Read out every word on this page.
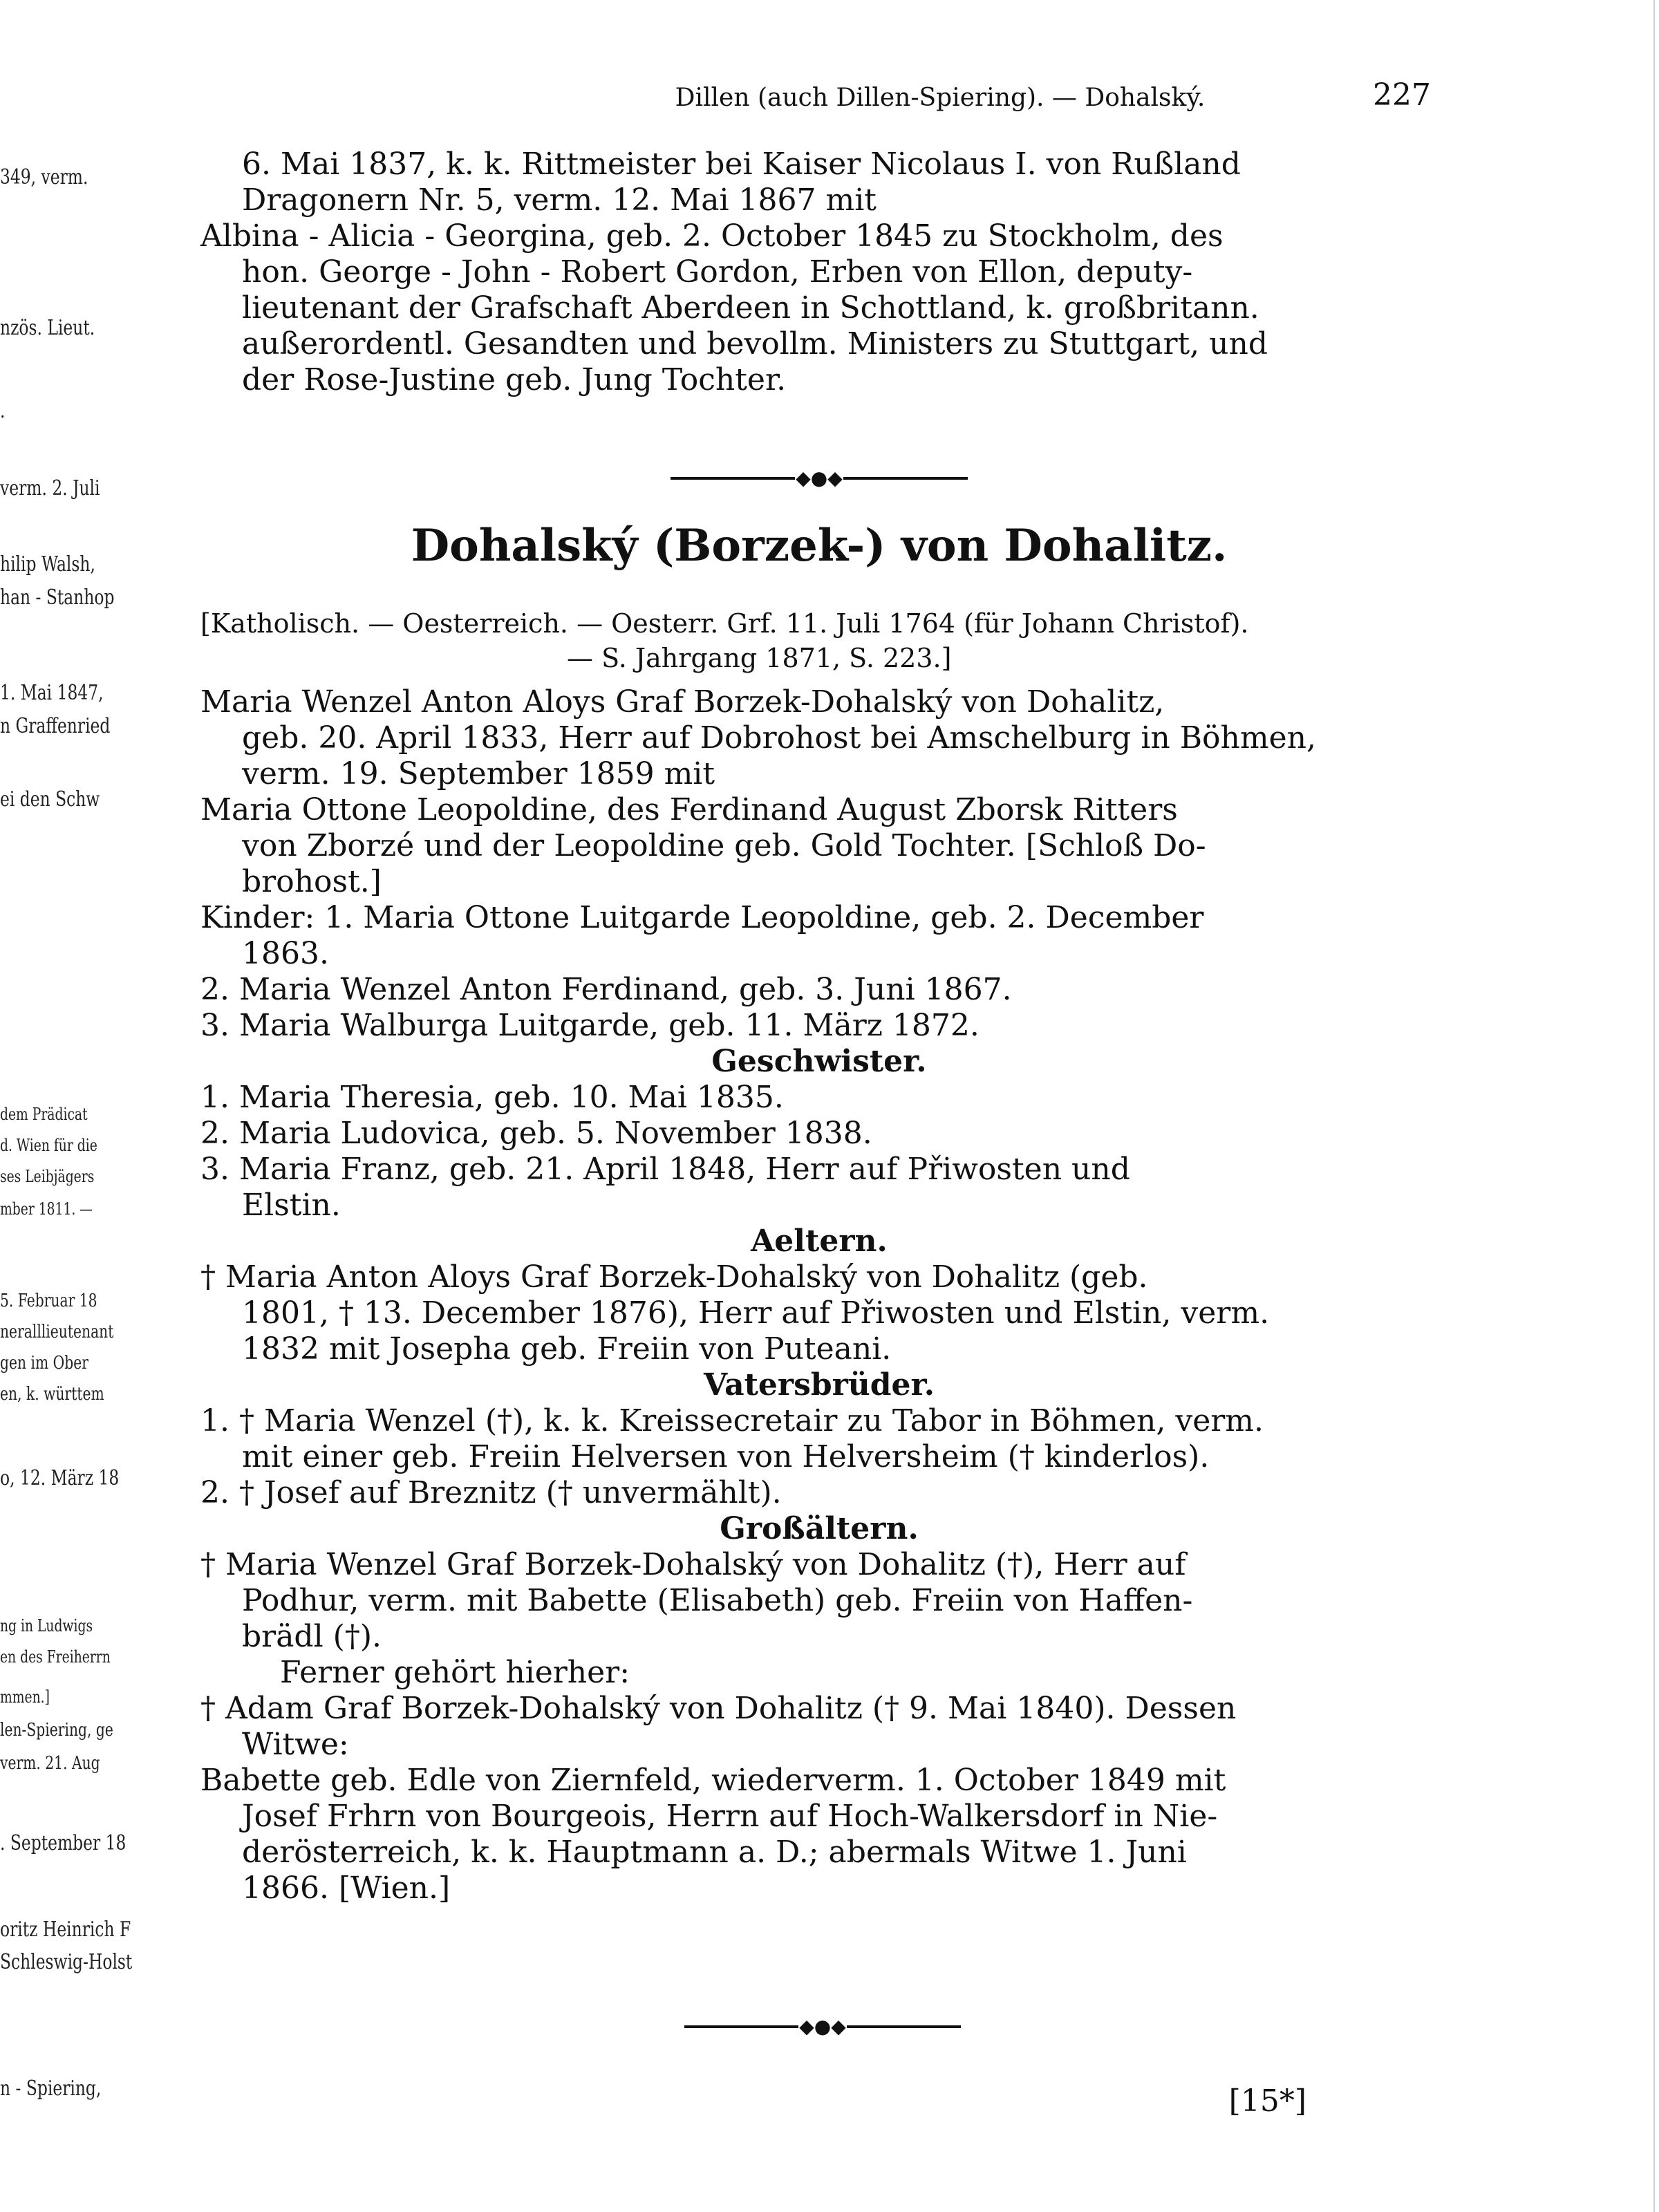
349, verm.
nzös. Lieut.
.
verm. 2. Juli
hilip Walsh,
han - Stanhop
1. Mai 1847,
n Graffenried
ei den Schw
dem Prädicat
d. Wien für die
ses Leibjägers
mber 1811. —
5. Februar 18
neralllieutenant
gen im Ober
en, k. württem
o, 12. März 18
ng in Ludwigs
en des Freiherrn
mmen.]
len-Spiering, ge
verm. 21. Aug
. September 18
oritz Heinrich F
Schleswig-Holst
n - Spiering,
Dillen (auch Dillen-Spiering). — Dohalský.	227
6. Mai 1837, k. k. Rittmeister bei Kaiser Nicolaus I. von Rußland
Dragonern Nr. 5, verm. 12. Mai 1867 mit
Albina - Alicia - Georgina, geb. 2. October 1845 zu Stockholm, des
hon. George - John - Robert Gordon, Erben von Ellon, deputy-
lieutenant der Grafschaft Aberdeen in Schottland, k. großbritann.
außerordentl. Gesandten und bevollm. Ministers zu Stuttgart, und
der Rose-Justine geb. Jung Tochter.
◆●◆
Dohalský (Borzek-) von Dohalitz.
[Katholisch. — Oesterreich. — Oesterr. Grf. 11. Juli 1764 (für Johann Christof).
— S. Jahrgang 1871, S. 223.]
Maria Wenzel Anton Aloys Graf Borzek-Dohalský von Dohalitz,
geb. 20. April 1833, Herr auf Dobrohost bei Amschelburg in Böhmen,
verm. 19. September 1859 mit
Maria Ottone Leopoldine, des Ferdinand August Zborsk Ritters
von Zborzé und der Leopoldine geb. Gold Tochter. [Schloß Do-
brohost.]
Kinder: 1. Maria Ottone Luitgarde Leopoldine, geb. 2. December
1863.
2. Maria Wenzel Anton Ferdinand, geb. 3. Juni 1867.
3. Maria Walburga Luitgarde, geb. 11. März 1872.
Geschwister.
1. Maria Theresia, geb. 10. Mai 1835.
2. Maria Ludovica, geb. 5. November 1838.
3. Maria Franz, geb. 21. April 1848, Herr auf Přiwosten und
Elstin.
Aeltern.
† Maria Anton Aloys Graf Borzek-Dohalský von Dohalitz (geb.
1801, † 13. December 1876), Herr auf Přiwosten und Elstin, verm.
1832 mit Josepha geb. Freiin von Puteani.
Vatersbrüder.
1. † Maria Wenzel (†), k. k. Kreissecretair zu Tabor in Böhmen, verm.
mit einer geb. Freiin Helversen von Helversheim († kinderlos).
2. † Josef auf Breznitz († unvermählt).
Großältern.
† Maria Wenzel Graf Borzek-Dohalský von Dohalitz (†), Herr auf
Podhur, verm. mit Babette (Elisabeth) geb. Freiin von Haffen-
brädl (†).
Ferner gehört hierher:
† Adam Graf Borzek-Dohalský von Dohalitz († 9. Mai 1840). Dessen
Witwe:
Babette geb. Edle von Ziernfeld, wiederverm. 1. October 1849 mit
Josef Frhrn von Bourgeois, Herrn auf Hoch-Walkersdorf in Nie-
derösterreich, k. k. Hauptmann a. D.; abermals Witwe 1. Juni
1866. [Wien.]
◆●◆
[15*]
